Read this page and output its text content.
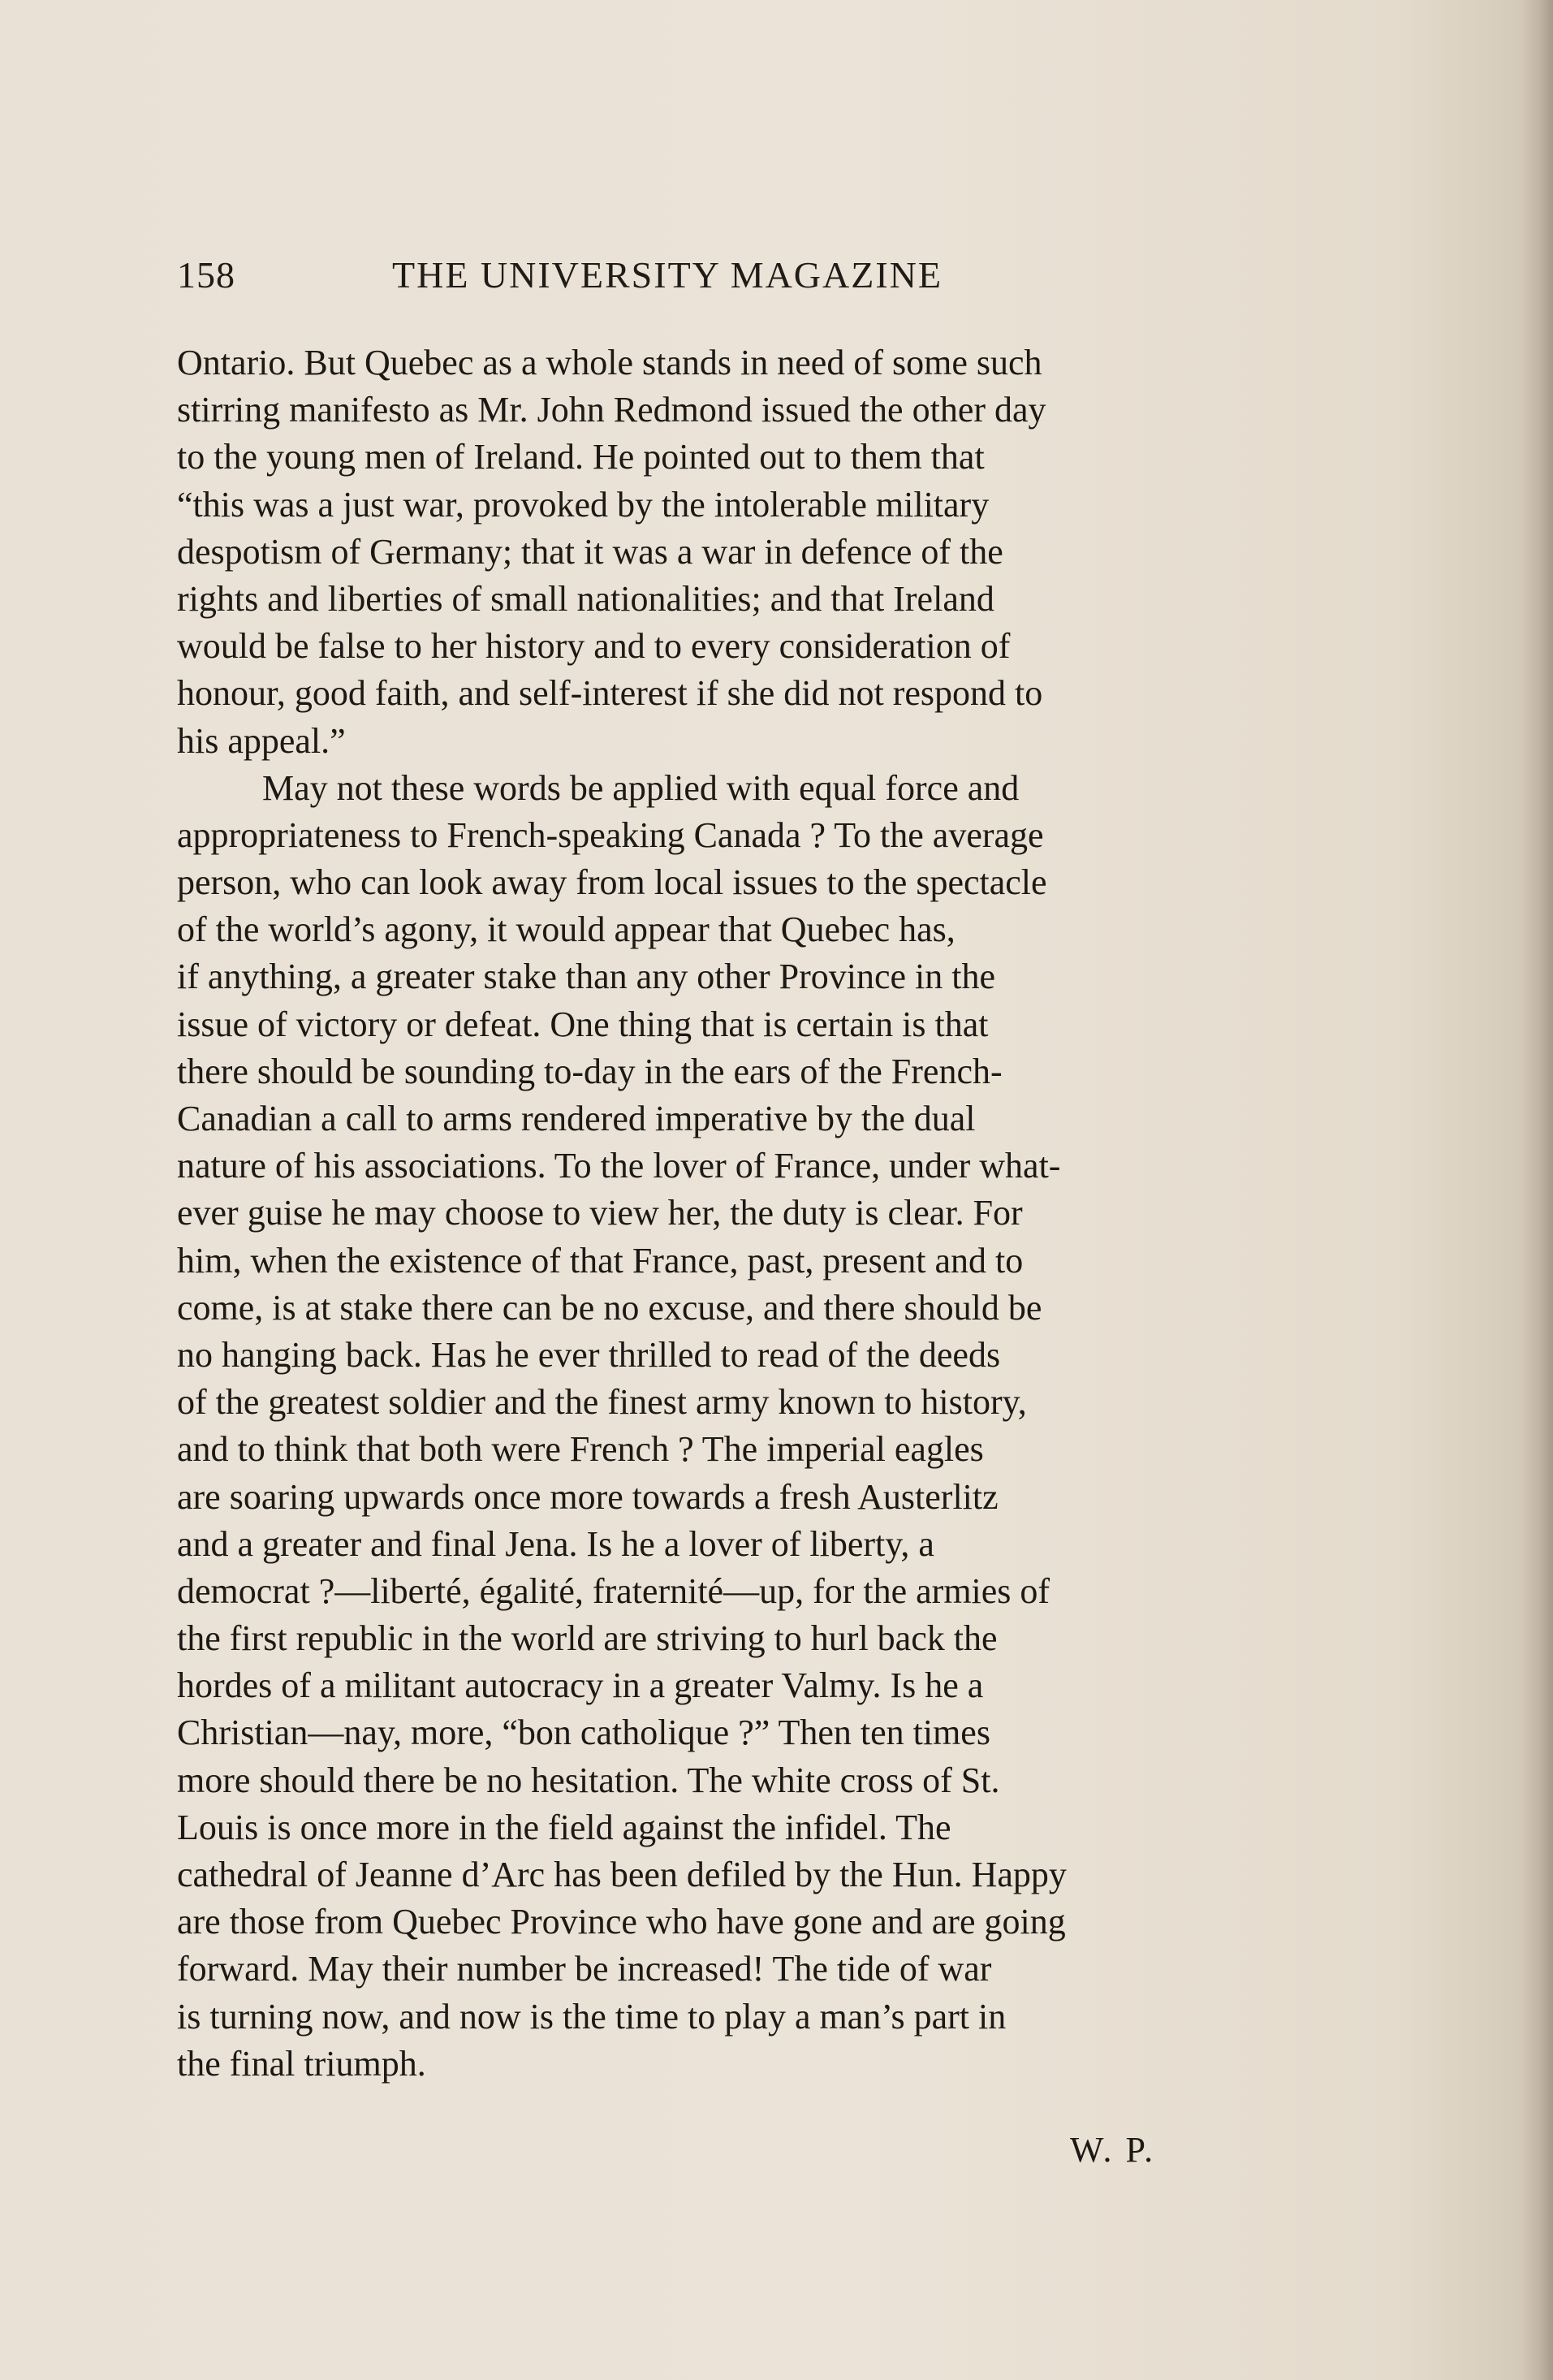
158	THE UNIVERSITY MAGAZINE
Ontario. But Quebec as a whole stands in need of some such
stirring manifesto as Mr. John Redmond issued the other day
to the young men of Ireland. He pointed out to them that
“this was a just war, provoked by the intolerable military
despotism of Germany; that it was a war in defence of the
rights and liberties of small nationalities; and that Ireland
would be false to her history and to every consideration of
honour, good faith, and self-interest if she did not respond to
his appeal.”
May not these words be applied with equal force and
appropriateness to French-speaking Canada ? To the average
person, who can look away from local issues to the spectacle
of the world’s agony, it would appear that Quebec has,
if anything, a greater stake than any other Province in the
issue of victory or defeat. One thing that is certain is that
there should be sounding to-day in the ears of the French-
Canadian a call to arms rendered imperative by the dual
nature of his associations. To the lover of France, under what-
ever guise he may choose to view her, the duty is clear. For
him, when the existence of that France, past, present and to
come, is at stake there can be no excuse, and there should be
no hanging back. Has he ever thrilled to read of the deeds
of the greatest soldier and the finest army known to history,
and to think that both were French ? The imperial eagles
are soaring upwards once more towards a fresh Austerlitz
and a greater and final Jena. Is he a lover of liberty, a
democrat ?—liberté, égalité, fraternité—up, for the armies of
the first republic in the world are striving to hurl back the
hordes of a militant autocracy in a greater Valmy. Is he a
Christian—nay, more, “bon catholique ?” Then ten times
more should there be no hesitation. The white cross of St.
Louis is once more in the field against the infidel. The
cathedral of Jeanne d’Arc has been defiled by the Hun. Happy
are those from Quebec Province who have gone and are going
forward. May their number be increased! The tide of war
is turning now, and now is the time to play a man’s part in
the final triumph.
W. P.
